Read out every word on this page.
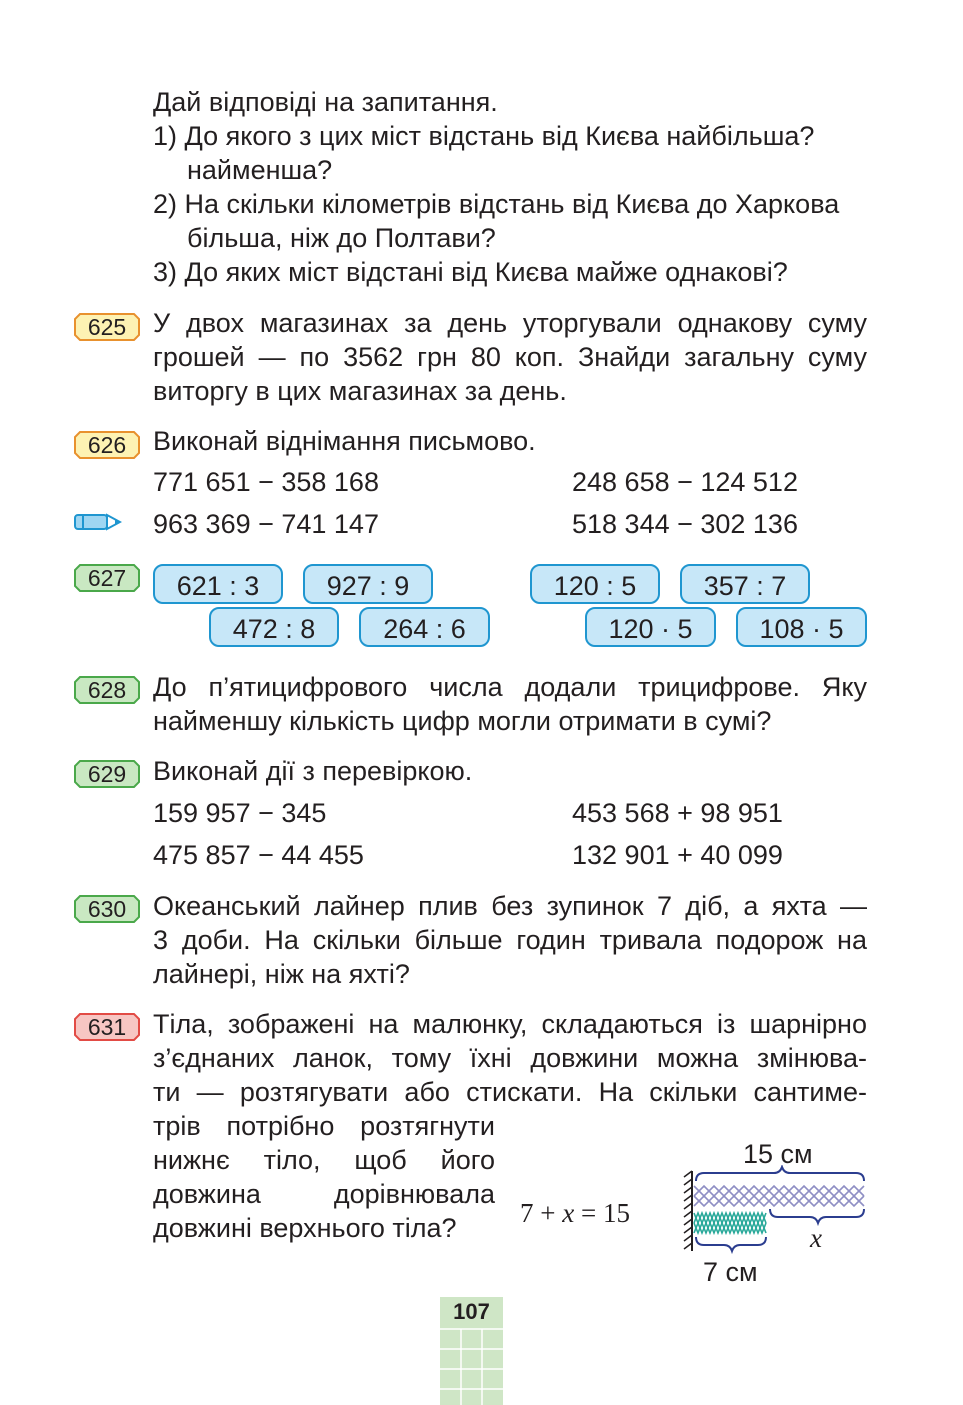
Дай відповіді на запитання.
1) До якого з цих міст відстань від Києва найбільша?
найменша?
2) На скільки кілометрів відстань від Києва до Харкова
більша, ніж до Полтави?
3) До яких міст відстані від Києва майже однакові?
625 У двох магазинах за день уторгували однакову суму
грошей — по 3562 грн 80 коп. Знайди загальну суму
виторгу в цих магазинах за день.
626 Виконай віднімання письмово.
771 651 − 358 168	248 658 − 124 512
963 369 − 741 147	518 344 − 302 136
627	621 : 3	927 : 9
472 : 8	264 : 6
120 : 5	357 : 7
120 · 5	108 · 5
628 До п’ятицифрового числа додали трицифрове. Яку
найменшу кількість цифр могли отримати в сумі?
629 Виконай дії з перевіркою.
159 957 − 345	453 568 + 98 951
475 857 − 44 455	132 901 + 40 099
630 Океанський лайнер плив без зупинок 7 діб, а яхта —
3 доби. На скільки більше годин тривала подорож на
лайнері, ніж на яхті?
631 Тіла, зображені на малюнку, складаються із шарнірно
з’єднаних ланок, тому їхні довжини можна змінюва-
ти — розтягувати або стискати. На скільки сантиме-
трів потрібно розтягнути
нижнє тіло, щоб його
довжина дорівнювала
довжині верхнього тіла? 7 + x = 15
15 см
x
7 см
107
